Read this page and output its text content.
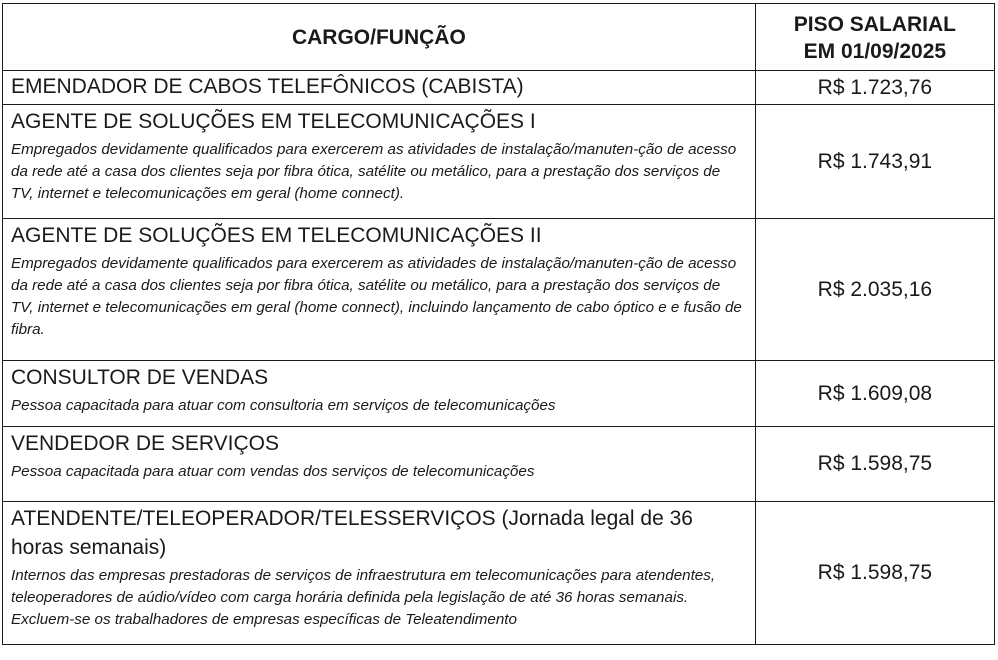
CARGO/FUNÇÃO	PISO SALARIAL
EM 01/09/2025

EMENDADOR DE CABOS TELEFÔNICOS (CABISTA)	R$ 1.723,76

AGENTE DE SOLUÇÕES EM TELECOMUNICAÇÕES I
Empregados devidamente qualificados para exercerem as atividades de instalação/manuten-ção de acesso da rede até a casa dos clientes seja por fibra ótica, satélite ou metálico, para a prestação dos serviços de TV, internet e telecomunicações em geral (home connect).	R$ 1.743,91

AGENTE DE SOLUÇÕES EM TELECOMUNICAÇÕES II
Empregados devidamente qualificados para exercerem as atividades de instalação/manuten-ção de acesso da rede até a casa dos clientes seja por fibra ótica, satélite ou metálico, para a prestação dos serviços de TV, internet e telecomunicações em geral (home connect), incluindo lançamento de cabo óptico e e fusão de fibra.	R$ 2.035,16

CONSULTOR DE VENDAS
Pessoa capacitada para atuar com consultoria em serviços de telecomunicações	R$ 1.609,08

VENDEDOR DE SERVIÇOS
Pessoa capacitada para atuar com vendas dos serviços de telecomunicações	R$ 1.598,75

ATENDENTE/TELEOPERADOR/TELESSERVIÇOS (Jornada legal de 36 horas semanais)
Internos das empresas prestadoras de serviços de infraestrutura em telecomunicações para atendentes, teleoperadores de aúdio/vídeo com carga horária definida pela legislação de até 36 horas semanais. Excluem-se os trabalhadores de empresas específicas de Teleatendimento	R$ 1.598,75
